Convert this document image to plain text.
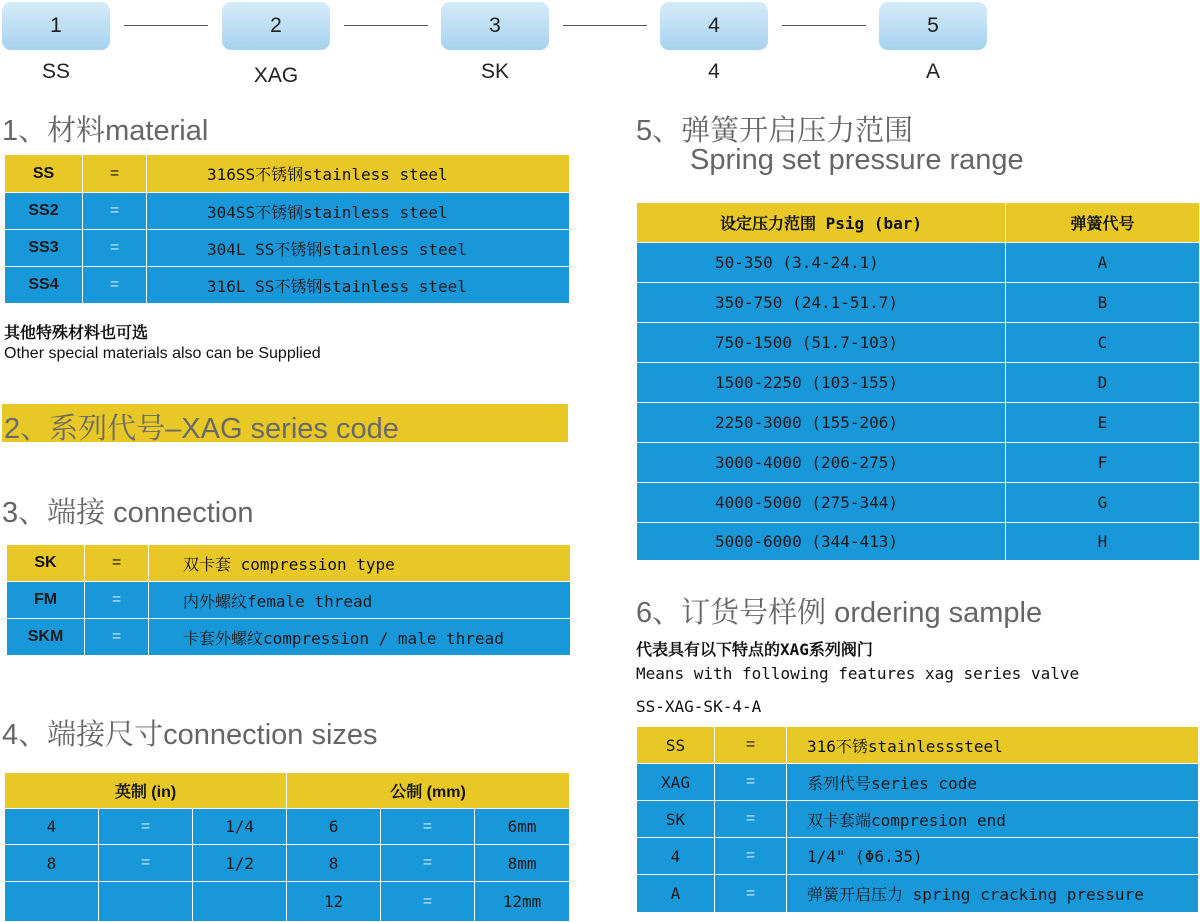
1	2	3	4	5
SS	XAG	SK	4	A
1、材料material
SS	=	316SS不锈钢stainless steel
SS2	=	304SS不锈钢stainless steel
SS3	=	304L SS不锈钢stainless steel
SS4	=	316L SS不锈钢stainless steel
其他特殊材料也可选
Other special materials also can be Supplied
2、系列代号–XAG series code
3、端接 connection
SK	=	双卡套 compression type
FM	=	内外螺纹female thread
SKM	=	卡套外螺纹compression / male thread
4、端接尺寸connection sizes
英制 (in)			公制 (mm)		
4	=	1/4	6	=	6mm
8	=	1/2	8	=	8mm
			12	=	12mm
5、弹簧开启压力范围
Spring set pressure range
设定压力范围 Psig (bar)	弹簧代号
50-350 (3.4-24.1)	A
350-750 (24.1-51.7)	B
750-1500 (51.7-103)	C
1500-2250 (103-155)	D
2250-3000 (155-206)	E
3000-4000 (206-275)	F
4000-5000 (275-344)	G
5000-6000 (344-413)	H
6、订货号样例 ordering sample
代表具有以下特点的XAG系列阀门
Means with following features xag series valve
SS-XAG-SK-4-A
SS	=	316不锈stainlesssteel
XAG	=	系列代号series code
SK	=	双卡套端compresion end
4	=	1/4" (Φ6.35)
A	=	弹簧开启压力 spring cracking pressure
